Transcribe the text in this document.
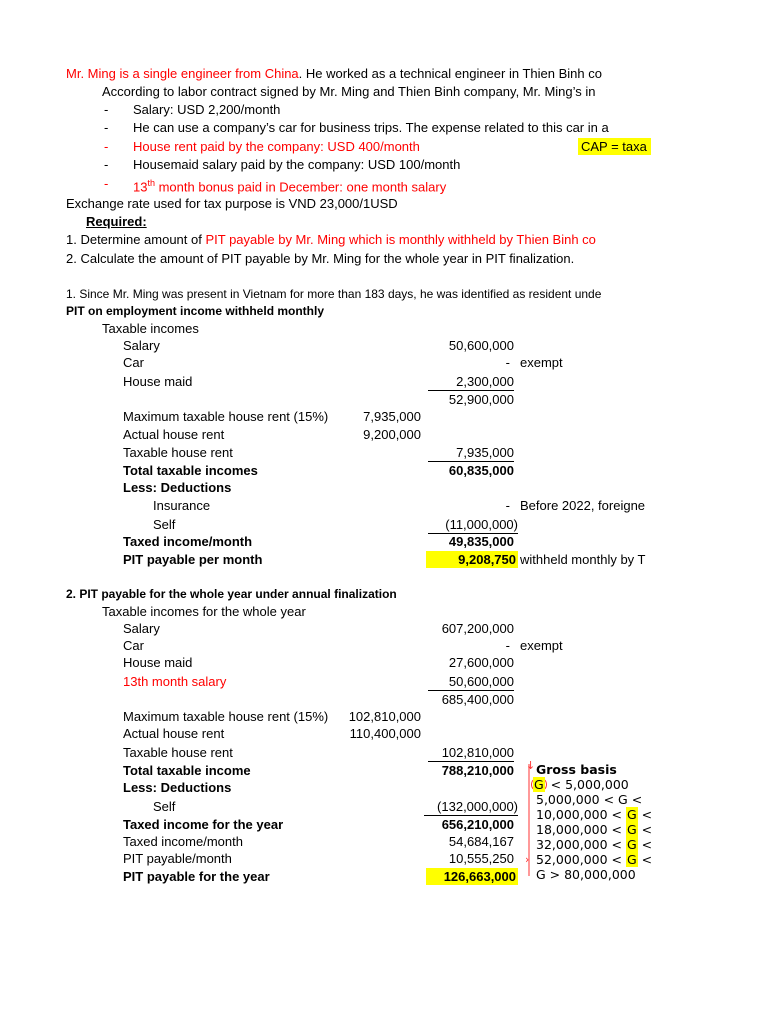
Mr. Ming is a single engineer from China. He worked as a technical engineer in Thien Binh co
According to labor contract signed by Mr. Ming and Thien Binh company, Mr. Ming’s in
- Salary: USD 2,200/month
- He can use a company’s car for business trips. The expense related to this car in a
- House rent paid by the company: USD 400/month	CAP = taxa
- Housemaid salary paid by the company: USD 100/month
- 13th month bonus paid in December: one month salary
Exchange rate used for tax purpose is VND 23,000/1USD
Required:
1. Determine amount of PIT payable by Mr. Ming which is monthly withheld by Thien Binh co
2. Calculate the amount of PIT payable by Mr. Ming for the whole year in PIT finalization.
1. Since Mr. Ming was present in Vietnam for more than 183 days, he was identified as resident unde
PIT on employment income withheld monthly
Taxable incomes
Salary	50,600,000
Car	- exempt
House maid	2,300,000
52,900,000
Maximum taxable house rent (15%)	7,935,000
Actual house rent	9,200,000
Taxable house rent	7,935,000
Total taxable incomes	60,835,000
Less: Deductions
Insurance	- Before 2022, foreigne
Self	(11,000,000)
Taxed income/month	49,835,000
PIT payable per month	9,208,750 withheld monthly by T
2. PIT payable for the whole year under annual finalization
Taxable incomes for the whole year
Salary	607,200,000
Car	- exempt
House maid	27,600,000
13th month salary	50,600,000
685,400,000
Maximum taxable house rent (15%)	102,810,000
Actual house rent	110,400,000
Taxable house rent	102,810,000
Total taxable income	788,210,000
Less: Deductions
Self	(132,000,000)
Taxed income for the year	656,210,000
Taxed income/month	54,684,167
PIT payable/month	10,555,250
PIT payable for the year	126,663,000
↓
›
Gross basis
G < 5,000,000
5,000,000 < G <
10,000,000 < G <
18,000,000 < G <
32,000,000 < G <
52,000,000 < G <
G > 80,000,000
